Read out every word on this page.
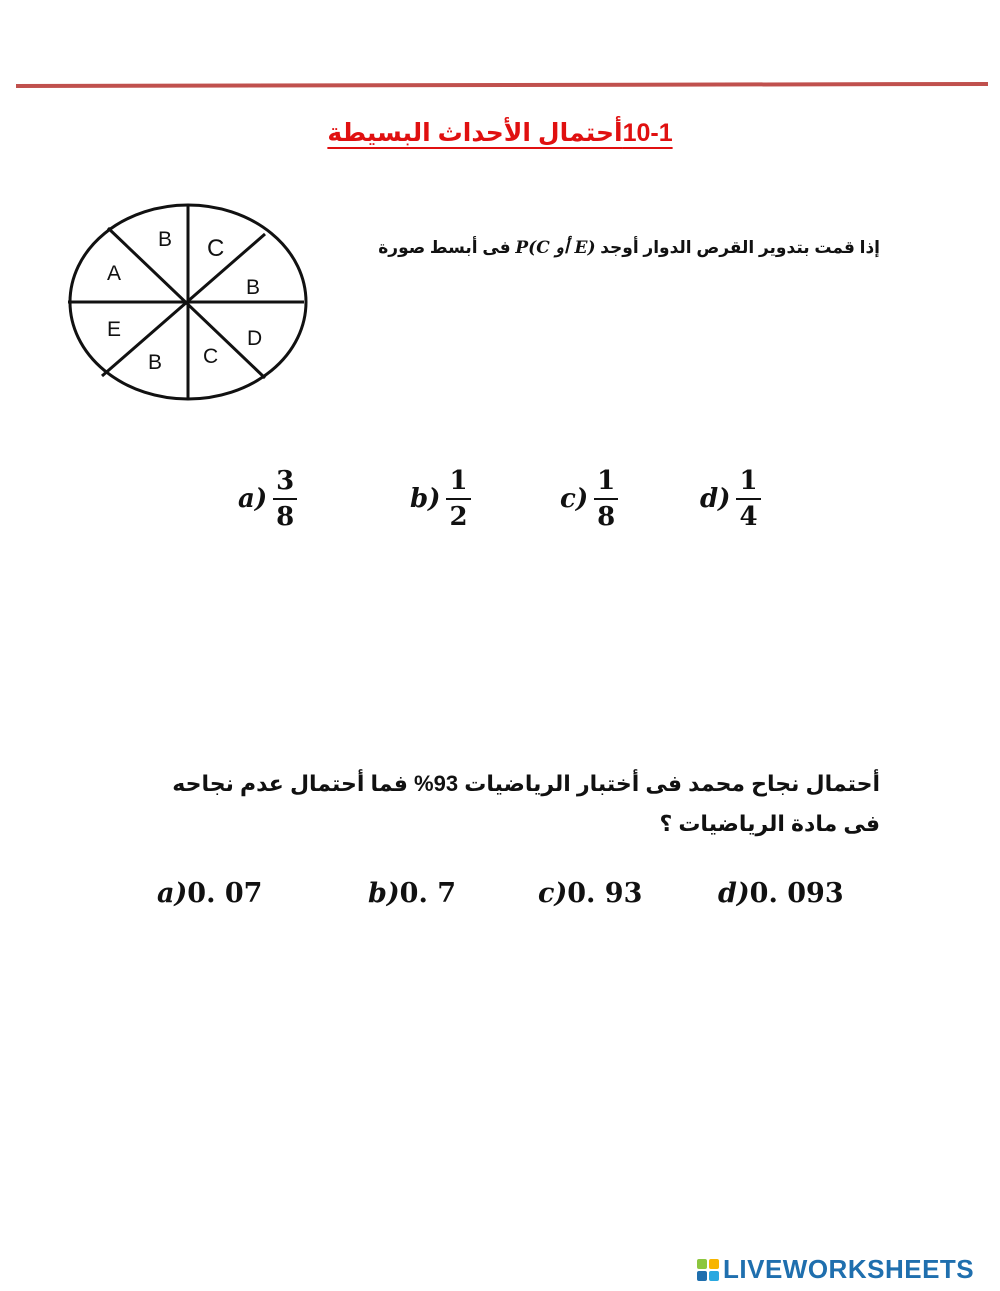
10-1أحتمال الأحداث البسيطة
B C
B
D
C
B
E
A
إذا قمت بتدوير القرص الدوار أوجد P(C أو E) فى أبسط صورة
$a) \frac{3}{8}$	$b) \frac{1}{2}$	$c) \frac{1}{8}$	$d) \frac{1}{4}$
أحتمال نجاح محمد فى أختبار الرياضيات 93% فما أحتمال عدم نجاحه فى مادة الرياضيات ؟
a)0. 07	b)0. 7	c)0. 93	d)0. 093
LIVEWORKSHEETS
